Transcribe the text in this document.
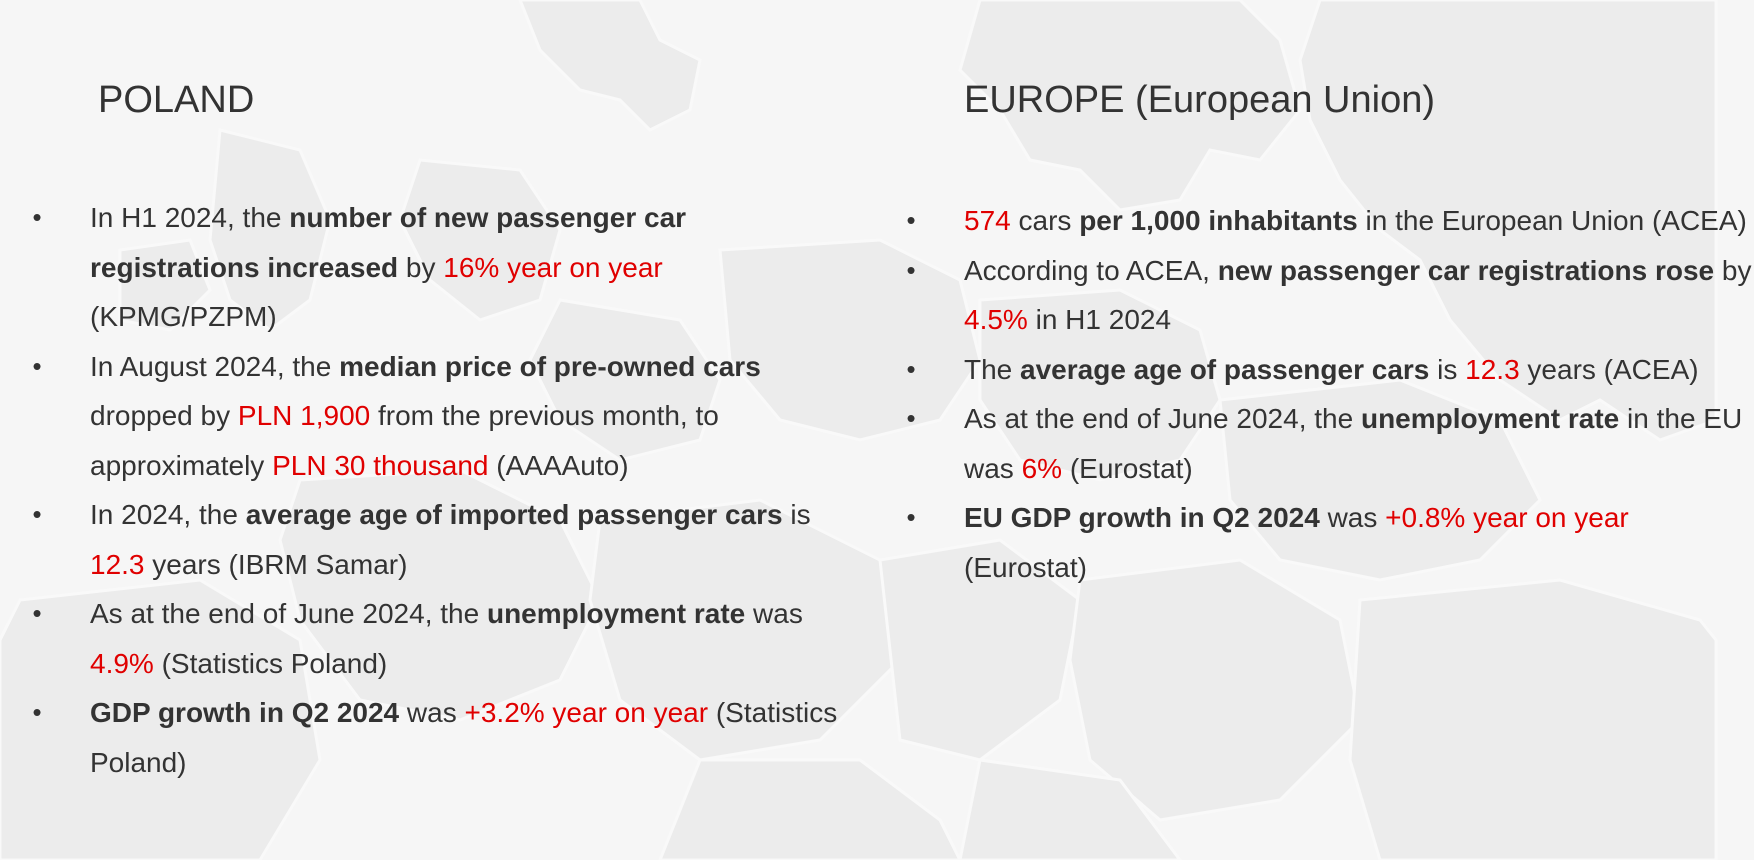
POLAND
• In H1 2024, the number of new passenger car registrations increased by 16% year on year (KPMG/PZPM)
• In August 2024, the median price of pre-owned cars dropped by PLN 1,900 from the previous month, to approximately PLN 30 thousand (AAAAuto)
• In 2024, the average age of imported passenger cars is 12.3 years (IBRM Samar)
• As at the end of June 2024, the unemployment rate was 4.9% (Statistics Poland)
• GDP growth in Q2 2024 was +3.2% year on year (Statistics Poland)
EUROPE (European Union)
• 574 cars per 1,000 inhabitants in the European Union (ACEA)
• According to ACEA, new passenger car registrations rose by 4.5% in H1 2024
• The average age of passenger cars is 12.3 years (ACEA)
• As at the end of June 2024, the unemployment rate in the EU was 6% (Eurostat)
• EU GDP growth in Q2 2024 was +0.8% year on year (Eurostat)
